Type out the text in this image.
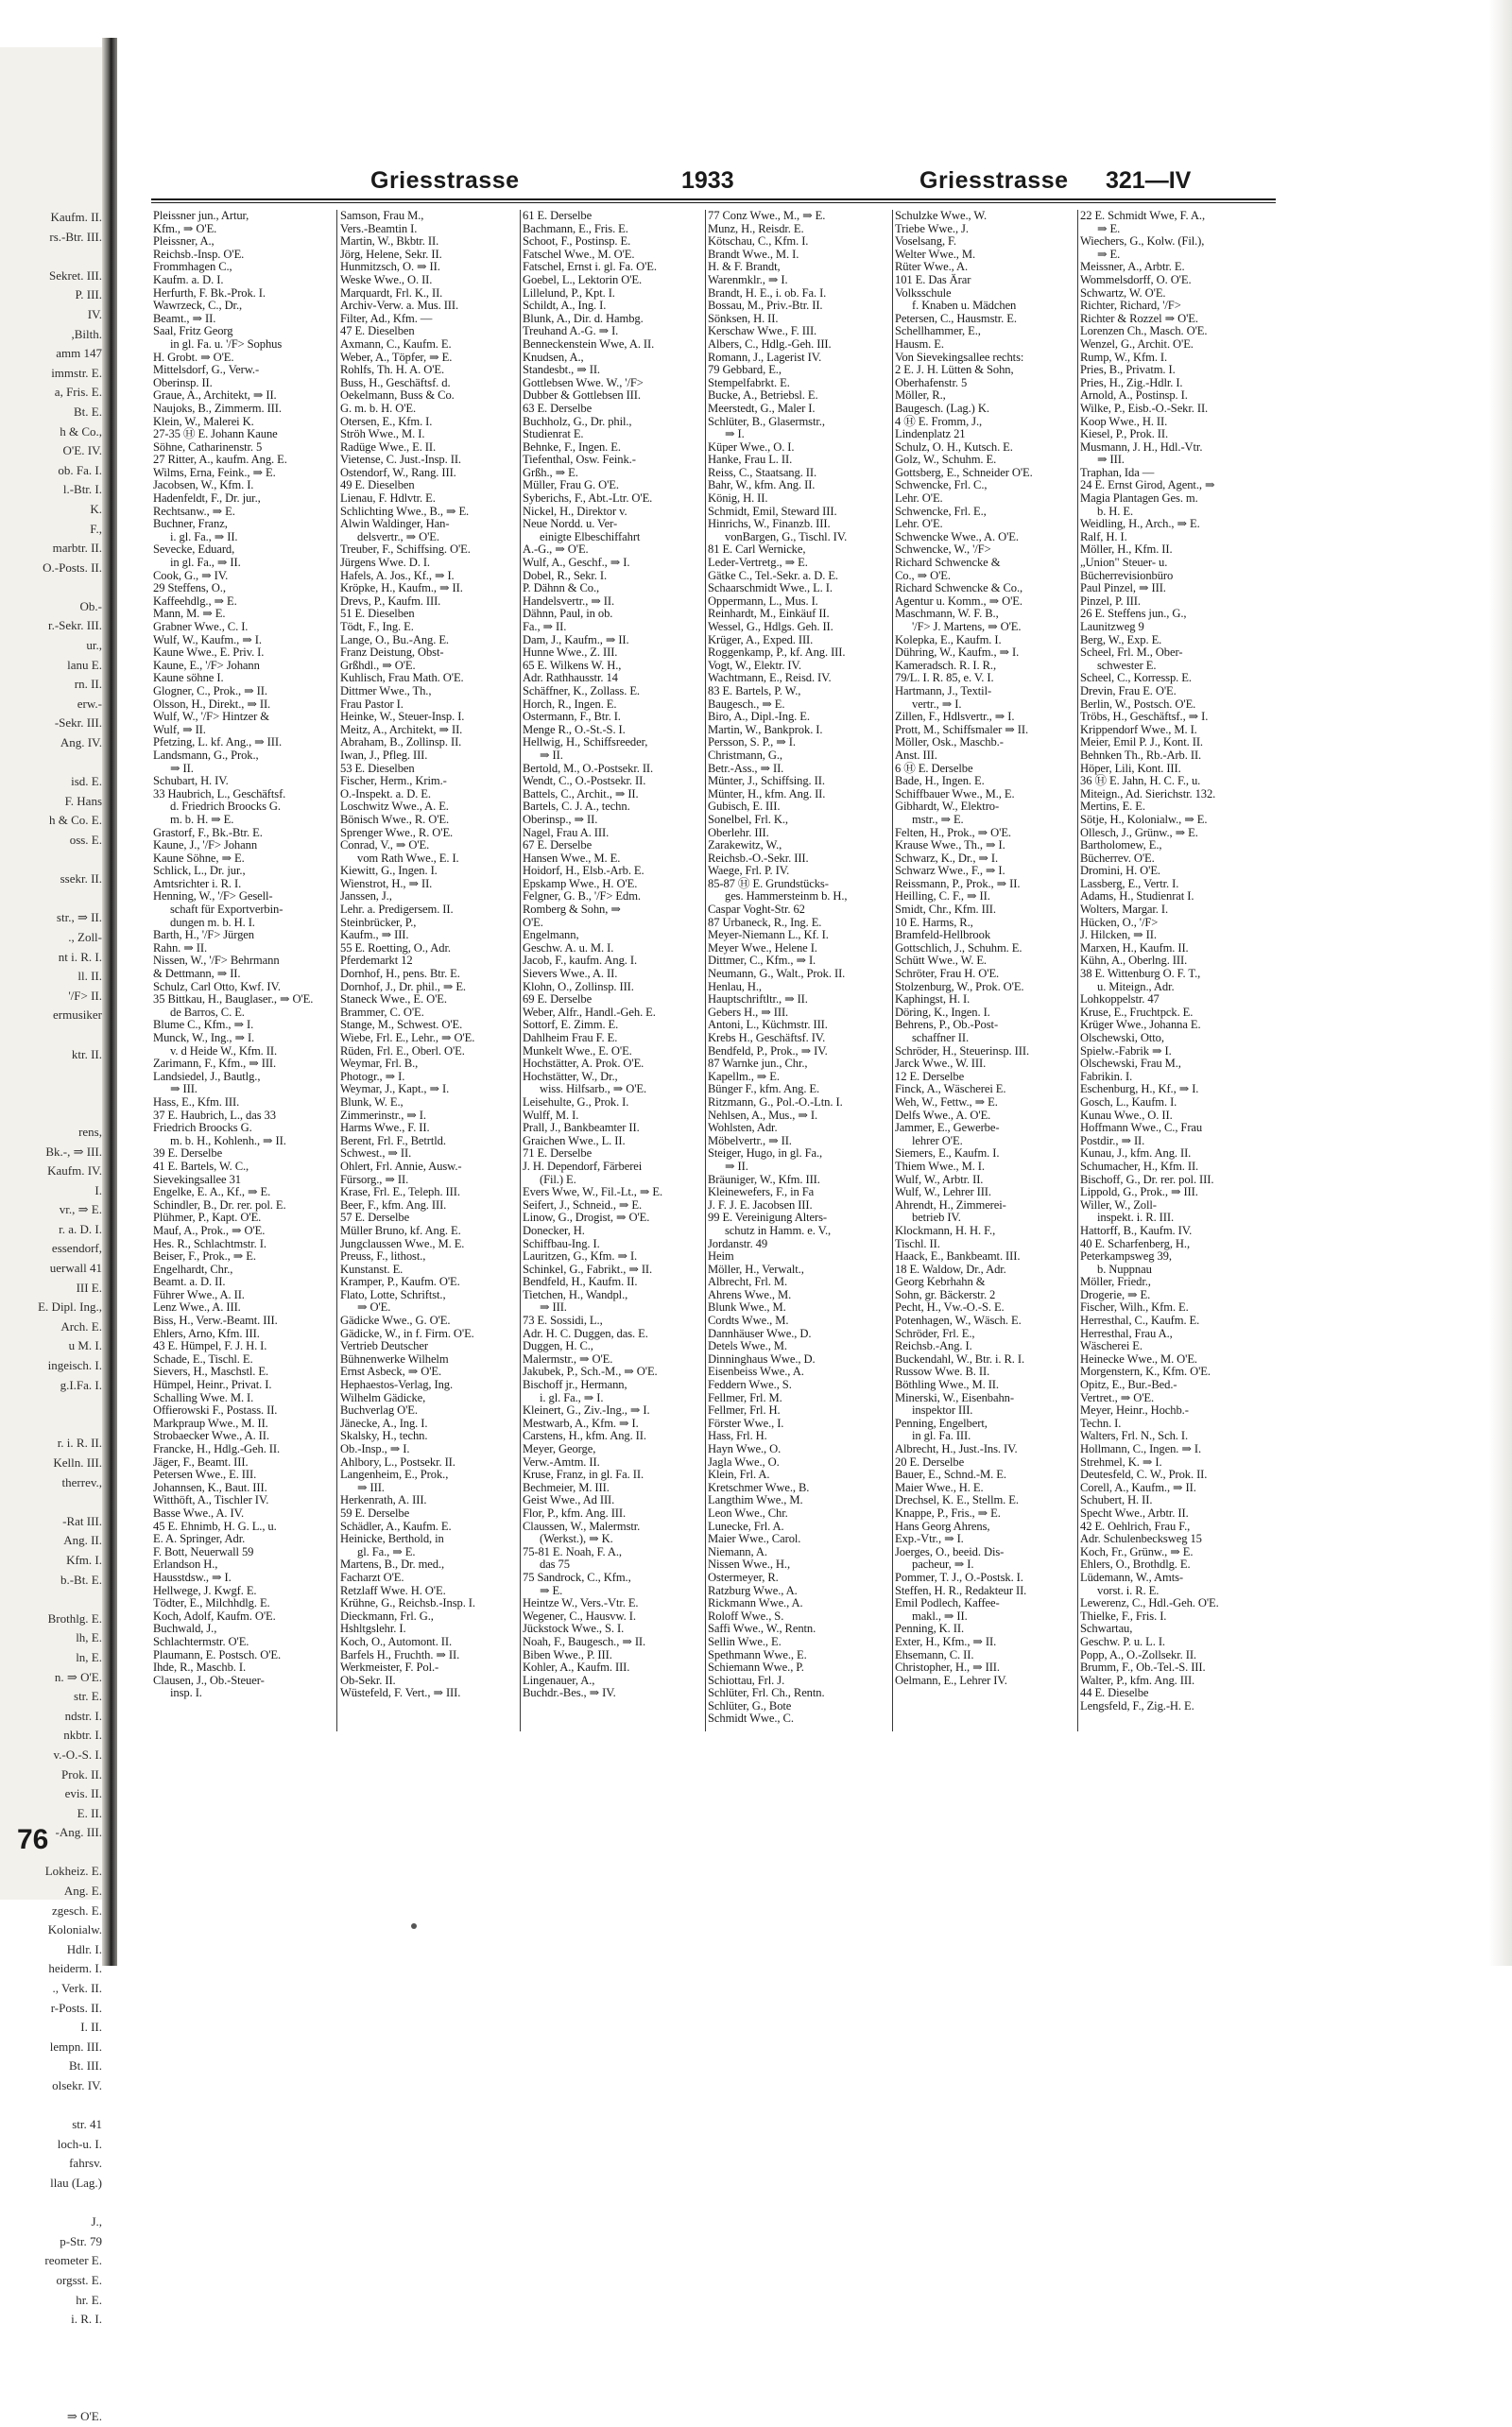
Kaufm. II.
rs.-Btr. III.

Sekret. III.
P. III.
IV.
,Bilth.
amm 147
immstr. E.
a, Fris. E.
Bt. E.
h & Co.,
O'E. IV.
ob. Fa. I.
l.-Btr. I.
K.
F.,
marbtr. II.
O.-Posts. II.

Ob.-
r.-Sekr. III.
ur.,
lanu E.
rn. II.
erw.-
-Sekr. III.
Ang. IV.

isd. E.
F. Hans
h & Co. E.
oss. E.

ssekr. II.

str., ⇒ II.
., Zoll-
nt i. R. I.
ll. II.
'/F> II.
ermusiker

ktr. II.

rens,
Bk.-, ⇒ III.
Kaufm. IV.
I.
vr., ⇒ E.
r. a. D. I.
essendorf,
uerwall 41
III E.
E. Dipl. Ing.,
Arch. E.
u M. I.
ingeisch. I.
g.I.Fa. I.

r. i. R. II.
Kelln. III.
therrev.,

-Rat III.
Ang. II.
Kfm. I.
b.-Bt. E.

Brothlg. E.
lh, E.
ln, E.
n. ⇒ O'E.
str. E.
ndstr. I.
nkbtr. I.
v.-O.-S. I.
Prok. II.
evis. II.
E. II.
-Ang. III.

Lokheiz. E.
Ang. E.
zgesch. E.
Kolonialw.
Hdlr. I.
heiderm. I.
., Verk. II.
r-Posts. II.
I. II.
lempn. III.
Bt. III.
olsekr. IV.

str. 41
loch-u. I.
fahrsv.
llau (Lag.)

J.,
p-Str. 79
reometer E.
orgsst. E.
hr. E.
i. R. I.

⇒ O'E.
76
Griesstrasse	1933	Griesstrasse 321—IV
Pleissner jun., Artur,
Kfm., ⇒ O'E.
Pleissner, A.,
Reichsb.-Insp. O'E.
Frommhagen C.,
Kaufm. a. D. I.
Herfurth, F. Bk.-Prok. I.
Wawrzeck, C., Dr.,
Beamt., ⇒ II.
Saal, Fritz Georg
in gl. Fa. u. '/F> Sophus
H. Grobt. ⇒ O'E.
Mittelsdorf, G., Verw.-
Oberinsp. II.
Graue, A., Architekt, ⇒ II.
Naujoks, B., Zimmerm. III.
Klein, W., Malerei K.
27-35 Ⓗ E. Johann Kaune
Söhne, Catharinenstr. 5
27 Ritter, A., kaufm. Ang. E.
Wilms, Erna, Feink., ⇒ E.
Jacobsen, W., Kfm. I.
Hadenfeldt, F., Dr. jur.,
Rechtsanw., ⇒ E.
Buchner, Franz,
i. gl. Fa., ⇒ II.
Sevecke, Eduard,
in gl. Fa., ⇒ II.
Cook, G., ⇒ IV.
29 Steffens, O.,
Kaffeehdlg., ⇒ E.
Mann, M. ⇒ E.
Grabner Wwe., C. I.
Wulf, W., Kaufm., ⇒ I.
Kaune Wwe., E. Priv. I.
Kaune, E., '/F> Johann
Kaune söhne I.
Glogner, C., Prok., ⇒ II.
Olsson, H., Direkt., ⇒ II.
Wulf, W., '/F> Hintzer &
Wulf, ⇒ II.
Pfetzing, L. kf. Ang., ⇒ III.
Landsmann, G., Prok.,
⇒ II.
Schubart, H. IV.
33 Haubrich, L., Geschäftsf.
d. Friedrich Broocks G.
m. b. H. ⇒ E.
Grastorf, F., Bk.-Btr. E.
Kaune, J., '/F> Johann
Kaune Söhne, ⇒ E.
Schlick, L., Dr. jur.,
Amtsrichter i. R. I.
Henning, W., '/F> Gesell-
schaft für Exportverbin-
dungen m. b. H. I.
Barth, H., '/F> Jürgen
Rahn. ⇒ II.
Nissen, W., '/F> Behrmann
& Dettmann, ⇒ II.
Schulz, Carl Otto, Kwf. IV.
35 Bittkau, H., Bauglaser., ⇒ O'E.
de Barros, C. E.
Blume C., Kfm., ⇒ I.
Munck, W., Ing., ⇒ I.
v. d Heide W., Kfm. II.
Zarimann, F., Kfm., ⇒ III.
Landsiedel, J., Bautlg.,
⇒ III.
Hass, E., Kfm. III.
37 E. Haubrich, L., das 33
Friedrich Broocks G.
m. b. H., Kohlenh., ⇒ II.
39 E. Derselbe
41 E. Bartels, W. C.,
Sievekingsallee 31
Engelke, E. A., Kf., ⇒ E.
Schindler, B., Dr. rer. pol. E.
Plühmer, P., Kapt. O'E.
Mauf, A., Prok., ⇒ O'E.
Hes. R., Schlachtmstr. I.
Beiser, F., Prok., ⇒ E.
Engelhardt, Chr.,
Beamt. a. D. II.
Führer Wwe., A. II.
Lenz Wwe., A. III.
Biss, H., Verw.-Beamt. III.
Ehlers, Arno, Kfm. III.
43 E. Hümpel, F. J. H. I.
Schade, E., Tischl. E.
Sievers, H., Maschstl. E.
Hümpel, Heinr., Privat. I.
Schalling Wwe. M. I.
Offierowski F., Postass. II.
Markpraup Wwe., M. II.
Strobaecker Wwe., A. II.
Francke, H., Hdlg.-Geh. II.
Jäger, F., Beamt. III.
Petersen Wwe., E. III.
Johannsen, K., Baut. III.
Witthöft, A., Tischler IV.
Basse Wwe., A. IV.
45 E. Ehnimb, H. G. L., u.
E. A. Springer, Adr.
F. Bott, Neuerwall 59
Erlandson H.,
Hausstdsw., ⇒ I.
Hellwege, J. Kwgf. E.
Tödter, E., Milchhdlg. E.
Koch, Adolf, Kaufm. O'E.
Buchwald, J.,
Schlachtermstr. O'E.
Plaumann, E. Postsch. O'E.
Ihde, R., Maschb. I.
Clausen, J., Ob.-Steuer-
insp. I.
Samson, Frau M.,
Vers.-Beamtin I.
Martin, W., Bkbtr. II.
Jörg, Helene, Sekr. II.
Hunmitzsch, O. ⇒ II.
Weske Wwe., O. II.
Marquardt, Frl. K., II.
Archiv-Verw. a. Mus. III.
Filter, Ad., Kfm. —
47 E. Dieselben
Axmann, C., Kaufm. E.
Weber, A., Töpfer, ⇒ E.
Rohlfs, Th. H. A. O'E.
Buss, H., Geschäftsf. d.
Oekelmann, Buss & Co.
G. m. b. H. O'E.
Otersen, E., Kfm. I.
Ströh Wwe., M. I.
Radüge Wwe., E. II.
Vietense, C. Just.-Insp. II.
Ostendorf, W., Rang. III.
49 E. Dieselben
Lienau, F. Hdlvtr. E.
Schlichting Wwe., B., ⇒ E.
Alwin Waldinger, Han-
delsvertr., ⇒ O'E.
Treuber, F., Schiffsing. O'E.
Jürgens Wwe. D. I.
Hafels, A. Jos., Kf., ⇒ I.
Kröpke, H., Kaufm., ⇒ II.
Drevs, P., Kaufm. III.
51 E. Dieselben
Tödt, F., Ing. E.
Lange, O., Bu.-Ang. E.
Franz Deistung, Obst-
Grßhdl., ⇒ O'E.
Kuhlisch, Frau Math. O'E.
Dittmer Wwe., Th.,
Frau Pastor I.
Heinke, W., Steuer-Insp. I.
Meitz, A., Architekt, ⇒ II.
Abraham, B., Zollinsp. II.
Iwan, J., Pfleg. III.
53 E. Dieselben
Fischer, Herm., Krim.-
O.-Inspekt. a. D. E.
Loschwitz Wwe., A. E.
Bönisch Wwe., R. O'E.
Sprenger Wwe., R. O'E.
Conrad, V., ⇒ O'E.
vom Rath Wwe., E. I.
Kiewitt, G., Ingen. I.
Wienstrot, H., ⇒ II.
Janssen, J.,
Lehr. a. Predigersem. II.
Steinbrücker, P.,
Kaufm., ⇒ III.
55 E. Roetting, O., Adr.
Pferdemarkt 12
Dornhof, H., pens. Btr. E.
Dornhof, J., Dr. phil., ⇒ E.
Staneck Wwe., E. O'E.
Brammer, C. O'E.
Stange, M., Schwest. O'E.
Wiebe, Frl. E., Lehr., ⇒ O'E.
Rüden, Frl. E., Oberl. O'E.
Weymar, Frl. B.,
Photogr., ⇒ I.
Weymar, J., Kapt., ⇒ I.
Blunk, W. E.,
Zimmerinstr., ⇒ I.
Harms Wwe., F. II.
Berent, Frl. F., Betrtld.
Schwest., ⇒ II.
Ohlert, Frl. Annie, Ausw.-
Fürsorg., ⇒ II.
Krase, Frl. E., Teleph. III.
Beer, F., kfm. Ang. III.
57 E. Derselbe
Müller Bruno, kf. Ang. E.
Jungclaussen Wwe., M. E.
Preuss, F., lithost.,
Kunstanst. E.
Kramper, P., Kaufm. O'E.
Flato, Lotte, Schriftst.,
⇒ O'E.
Gädicke Wwe., G. O'E.
Gädicke, W., in f. Firm. O'E.
Vertrieb Deutscher
Bühnenwerke Wilhelm
Ernst Asbeck, ⇒ O'E.
Hephaestos-Verlag, Ing.
Wilhelm Gädicke,
Buchverlag O'E.
Jänecke, A., Ing. I.
Skalsky, H., techn.
Ob.-Insp., ⇒ I.
Ahlbory, L., Postsekr. II.
Langenheim, E., Prok.,
⇒ III.
Herkenrath, A. III.
59 E. Derselbe
Schädler, A., Kaufm. E.
Heinicke, Berthold, in
gl. Fa., ⇒ E.
Martens, B., Dr. med.,
Facharzt O'E.
Retzlaff Wwe. H. O'E.
Krühne, G., Reichsb.-Insp. I.
Dieckmann, Frl. G.,
Hshltgslehr. I.
Koch, O., Automont. II.
Barfels H., Fruchth. ⇒ II.
Werkmeister, F. Pol.-
Ob-Sekr. II.
Wüstefeld, F. Vert., ⇒ III.
61 E. Derselbe
Bachmann, E., Fris. E.
Schoot, F., Postinsp. E.
Fatschel Wwe., M. O'E.
Fatschel, Ernst i. gl. Fa. O'E.
Goebel, L., Lektorin O'E.
Lillelund, P., Kpt. I.
Schildt, A., Ing. I.
Blunk, A., Dir. d. Hambg.
Treuhand A.-G. ⇒ I.
Benneckenstein Wwe, A. II.
Knudsen, A.,
Standesbt., ⇒ II.
Gottlebsen Wwe. W., '/F>
Dubber & Gottlebsen III.
63 E. Derselbe
Buchholz, G., Dr. phil.,
Studienrat E.
Behnke, F., Ingen. E.
Tiefenthal, Osw. Feink.-
Grßh., ⇒ E.
Müller, Frau G. O'E.
Syberichs, F., Abt.-Ltr. O'E.
Nickel, H., Direktor v.
Neue Nordd. u. Ver-
einigte Elbeschiffahrt
A.-G., ⇒ O'E.
Wulf, A., Geschf., ⇒ I.
Dobel, R., Sekr. I.
P. Dähnn & Co.,
Handelsvertr., ⇒ II.
Dähnn, Paul, in ob.
Fa., ⇒ II.
Dam, J., Kaufm., ⇒ II.
Hunne Wwe., Z. III.
65 E. Wilkens W. H.,
Adr. Rathhausstr. 14
Schäffner, K., Zollass. E.
Horch, R., Ingen. E.
Ostermann, F., Btr. I.
Menge R., O.-St.-S. I.
Hellwig, H., Schiffsreeder,
⇒ II.
Bertold, M., O.-Postsekr. II.
Wendt, C., O.-Postsekr. II.
Battels, C., Archit., ⇒ II.
Bartels, C. J. A., techn.
Oberinsp., ⇒ II.
Nagel, Frau A. III.
67 E. Derselbe
Hansen Wwe., M. E.
Hoidorf, H., Elsb.-Arb. E.
Epskamp Wwe., H. O'E.
Felgner, G. B., '/F> Edm.
Romberg & Sohn, ⇒
O'E.
Engelmann,
Geschw. A. u. M. I.
Jacob, F., kaufm. Ang. I.
Sievers Wwe., A. II.
Klohn, O., Zollinsp. III.
69 E. Derselbe
Weber, Alfr., Handl.-Geh. E.
Sottorf, E. Zimm. E.
Dahlheim Frau F. E.
Munkelt Wwe., E. O'E.
Hochstätter, A. Prok. O'E.
Hochstätter, W., Dr.,
wiss. Hilfsarb., ⇒ O'E.
Leisehulte, G., Prok. I.
Wulff, M. I.
Prall, J., Bankbeamter II.
Graichen Wwe., L. II.
71 E. Derselbe
J. H. Dependorf, Färberei
(Fil.) E.
Evers Wwe, W., Fil.-Lt., ⇒ E.
Seifert, J., Schneid., ⇒ E.
Linow, G., Drogist, ⇒ O'E.
Donecker, H.
Schiffbau-Ing. I.
Lauritzen, G., Kfm. ⇒ I.
Schinkel, G., Fabrikt., ⇒ II.
Bendfeld, H., Kaufm. II.
Tietchen, H., Wandpl.,
⇒ III.
73 E. Sossidi, L.,
Adr. H. C. Duggen, das. E.
Duggen, H. C.,
Malermstr., ⇒ O'E.
Jakubek, P., Sch.-M., ⇒ O'E.
Bischoff jr., Hermann,
i. gl. Fa., ⇒ I.
Kleinert, G., Ziv.-Ing., ⇒ I.
Mestwarb, A., Kfm. ⇒ I.
Carstens, H., kfm. Ang. II.
Meyer, George,
Verw.-Amtm. II.
Kruse, Franz, in gl. Fa. II.
Bechmeier, M. III.
Geist Wwe., Ad III.
Flor, P., kfm. Ang. III.
Claussen, W., Malermstr.
(Werkst.), ⇒ K.
75-81 E. Noah, F. A.,
das 75
75 Sandrock, C., Kfm.,
⇒ E.
Heintze W., Vers.-Vtr. E.
Wegener, C., Hausvw. I.
Jückstock Wwe., S. I.
Noah, F., Baugesch., ⇒ II.
Biben Wwe., P. III.
Kohler, A., Kaufm. III.
Lingenauer, A.,
Buchdr.-Bes., ⇒ IV.
77 Conz Wwe., M., ⇒ E.
Munz, H., Reisdr. E.
Kötschau, C., Kfm. I.
Brandt Wwe., M. I.
H. & F. Brandt,
Warenmklr., ⇒ I.
Brandt, H. E., i. ob. Fa. I.
Bossau, M., Priv.-Btr. II.
Sönksen, H. II.
Kerschaw Wwe., F. III.
Albers, C., Hdlg.-Geh. III.
Romann, J., Lagerist IV.
79 Gebbard, E.,
Stempelfabrkt. E.
Bucke, A., Betriebsl. E.
Meerstedt, G., Maler I.
Schlüter, B., Glasermstr.,
⇒ I.
Küper Wwe., O. I.
Hanke, Frau L. II.
Reiss, C., Staatsang. II.
Bahr, W., kfm. Ang. II.
König, H. II.
Schmidt, Emil, Steward III.
Hinrichs, W., Finanzb. III.
vonBargen, G., Tischl. IV.
81 E. Carl Wernicke,
Leder-Vertretg., ⇒ E.
Gätke C., Tel.-Sekr. a. D. E.
Schaarschmidt Wwe., L. I.
Oppermann, L., Mus. I.
Reinhardt, M., Einkäuf II.
Wessel, G., Hdlgs. Geh. II.
Krüger, A., Exped. III.
Roggenkamp, P., kf. Ang. III.
Vogt, W., Elektr. IV.
Wachtmann, E., Reisd. IV.
83 E. Bartels, P. W.,
Baugesch., ⇒ E.
Biro, A., Dipl.-Ing. E.
Martin, W., Bankprok. I.
Persson, S. P., ⇒ I.
Christmann, G.,
Betr.-Ass., ⇒ II.
Münter, J., Schiffsing. II.
Münter, H., kfm. Ang. II.
Gubisch, E. III.
Sonelbel, Frl. K.,
Oberlehr. III.
Zarakewitz, W.,
Reichsb.-O.-Sekr. III.
Waege, Frl. P. IV.
85-87 Ⓗ E. Grundstücks-
ges. Hammersteinm b. H.,
Caspar Voght-Str. 62
87 Urbaneck, R., Ing. E.
Meyer-Niemann L., Kf. I.
Meyer Wwe., Helene I.
Dittmer, C., Kfm., ⇒ I.
Neumann, G., Walt., Prok. II.
Henlau, H.,
Hauptschriftltr., ⇒ II.
Gebers H., ⇒ III.
Antoni, L., Küchmstr. III.
Krebs H., Geschäftsf. IV.
Bendfeld, P., Prok., ⇒ IV.
87 Warnke jun., Chr.,
Kapellm., ⇒ E.
Bünger F., kfm. Ang. E.
Ritzmann, G., Pol.-O.-Ltn. I.
Nehlsen, A., Mus., ⇒ I.
Wohlsten, Adr.
Möbelvertr., ⇒ II.
Steiger, Hugo, in gl. Fa.,
⇒ II.
Bräuniger, W., Kfm. III.
Kleinewefers, F., in Fa
J. F. J. E. Jacobsen III.
99 E. Vereinigung Alters-
schutz in Hamm. e. V.,
Jordanstr. 49
Heim
Möller, H., Verwalt.,
Albrecht, Frl. M.
Ahrens Wwe., M.
Blunk Wwe., M.
Cordts Wwe., M.
Dannhäuser Wwe., D.
Detels Wwe., M.
Dinninghaus Wwe., D.
Eisenbeiss Wwe., A.
Feddern Wwe., S.
Fellmer, Frl. M.
Fellmer, Frl. H.
Förster Wwe., I.
Hass, Frl. H.
Hayn Wwe., O.
Jagla Wwe., O.
Klein, Frl. A.
Kretschmer Wwe., B.
Langthim Wwe., M.
Leon Wwe., Chr.
Lunecke, Frl. A.
Maier Wwe., Carol.
Niemann, A.
Nissen Wwe., H.,
Ostermeyer, R.
Ratzburg Wwe., A.
Rickmann Wwe., A.
Roloff Wwe., S.
Saffi Wwe., W., Rentn.
Sellin Wwe., E.
Spethmann Wwe., E.
Schiemann Wwe., P.
Schiottau, Frl. J.
Schlüter, Frl. Ch., Rentn.
Schlüter, G., Bote
Schmidt Wwe., C.
Schulzke Wwe., W.
Triebe Wwe., J.
Voselsang, F.
Welter Wwe., M.
Rüter Wwe., A.
101 E. Das Ärar
Volksschule
f. Knaben u. Mädchen
Petersen, C., Hausmstr. E.
Schellhammer, E.,
Hausm. E.
Von Sievekingsallee rechts:
2 E. J. H. Lütten & Sohn,
Oberhafenstr. 5
Möller, R.,
Baugesch. (Lag.) K.
4 Ⓗ E. Fromm, J.,
Lindenplatz 21
Schulz, O. H., Kutsch. E.
Golz, W., Schuhm. E.
Gottsberg, E., Schneider O'E.
Schwencke, Frl. C.,
Lehr. O'E.
Schwencke, Frl. E.,
Lehr. O'E.
Schwencke Wwe., A. O'E.
Schwencke, W., '/F>
Richard Schwencke &
Co., ⇒ O'E.
Richard Schwencke & Co.,
Agentur u. Komm., ⇒ O'E.
Maschmann, W. F. B.,
'/F> J. Martens, ⇒ O'E.
Kolepka, E., Kaufm. I.
Dühring, W., Kaufm., ⇒ I.
Kameradsch. R. I. R.,
79/L. I. R. 85, e. V. I.
Hartmann, J., Textil-
vertr., ⇒ I.
Zillen, F., Hdlsvertr., ⇒ I.
Prott, M., Schiffsmaler ⇒ II.
Möller, Osk., Maschb.-
Anst. III.
6 Ⓗ E. Derselbe
Bade, H., Ingen. E.
Schiffbauer Wwe., M., E.
Gibhardt, W., Elektro-
mstr., ⇒ E.
Felten, H., Prok., ⇒ O'E.
Krause Wwe., Th., ⇒ I.
Schwarz, K., Dr., ⇒ I.
Schwarz Wwe., F., ⇒ I.
Reissmann, P., Prok., ⇒ II.
Heilling, C. F., ⇒ II.
Smidt, Chr., Kfm. III.
10 E. Harms, R.,
Bramfeld-Hellbrook
Gottschlich, J., Schuhm. E.
Schütt Wwe., W. E.
Schröter, Frau H. O'E.
Stolzenburg, W., Prok. O'E.
Kaphingst, H. I.
Döring, K., Ingen. I.
Behrens, P., Ob.-Post-
schaffner II.
Schröder, H., Steuerinsp. III.
Jarck Wwe., W. III.
12 E. Derselbe
Finck, A., Wäscherei E.
Weh, W., Fettw., ⇒ E.
Delfs Wwe., A. O'E.
Jammer, E., Gewerbe-
lehrer O'E.
Siemers, E., Kaufm. I.
Thiem Wwe., M. I.
Wulf, W., Arbtr. II.
Wulf, W., Lehrer III.
Ahrendt, H., Zimmerei-
betrieb IV.
Klockmann, H. H. F.,
Tischl. II.
Haack, E., Bankbeamt. III.
18 E. Waldow, Dr., Adr.
Georg Kebrhahn &
Sohn, gr. Bäckerstr. 2
Pecht, H., Vw.-O.-S. E.
Potenhagen, W., Wäsch. E.
Schröder, Frl. E.,
Reichsb.-Ang. I.
Buckendahl, W., Btr. i. R. I.
Russow Wwe. B. II.
Böthling Wwe., M. II.
Minerski, W., Eisenbahn-
inspektor III.
Penning, Engelbert,
in gl. Fa. III.
Albrecht, H., Just.-Ins. IV.
20 E. Derselbe
Bauer, E., Schnd.-M. E.
Maier Wwe., H. E.
Drechsel, K. E., Stellm. E.
Knappe, P., Fris., ⇒ E.
Hans Georg Ahrens,
Exp.-Vtr., ⇒ I.
Joerges, O., beeid. Dis-
pacheur, ⇒ I.
Pommer, T. J., O.-Postsk. I.
Steffen, H. R., Redakteur II.
Emil Podlech, Kaffee-
makl., ⇒ II.
Penning, K. II.
Exter, H., Kfm., ⇒ II.
Ehsemann, C. II.
Christopher, H., ⇒ III.
Oelmann, E., Lehrer IV.
22 E. Schmidt Wwe, F. A.,
⇒ E.
Wiechers, G., Kolw. (Fil.),
⇒ E.
Meissner, A., Arbtr. E.
Wommelsdorff, O. O'E.
Schwartz, W. O'E.
Richter, Richard, '/F>
Richter & Rozzel ⇒ O'E.
Lorenzen Ch., Masch. O'E.
Wenzel, G., Archit. O'E.
Rump, W., Kfm. I.
Pries, B., Privatm. I.
Pries, H., Zig.-Hdlr. I.
Arnold, A., Postinsp. I.
Wilke, P., Eisb.-O.-Sekr. II.
Koop Wwe., H. II.
Kiesel, P., Prok. II.
Musmann, J. H., Hdl.-Vtr.
⇒ III.
Traphan, Ida —
24 E. Ernst Girod, Agent., ⇒
Magia Plantagen Ges. m.
b. H. E.
Weidling, H., Arch., ⇒ E.
Ralf, H. I.
Möller, H., Kfm. II.
„Union" Steuer- u.
Bücherrevisionbüro
Paul Pinzel, ⇒ III.
Pinzel, P. III.
26 E. Steffens jun., G.,
Launitzweg 9
Berg, W., Exp. E.
Scheel, Frl. M., Ober-
schwester E.
Scheel, C., Korressp. E.
Drevin, Frau E. O'E.
Berlin, W., Postsch. O'E.
Tröbs, H., Geschäftsf., ⇒ I.
Krippendorf Wwe., M. I.
Meier, Emil P. J., Kont. II.
Behnken Th., Rb.-Arb. II.
Höper, Lili, Kont. III.
36 Ⓗ E. Jahn, H. C. F., u.
Miteign., Ad. Sierichstr. 132.
Mertins, E. E.
Sötje, H., Kolonialw., ⇒ E.
Ollesch, J., Grünw., ⇒ E.
Bartholomew, E.,
Bücherrev. O'E.
Dromini, H. O'E.
Lassberg, E., Vertr. I.
Adams, H., Studienrat I.
Wolters, Margar. I.
Hücken, O., '/F>
J. Hilcken, ⇒ II.
Marxen, H., Kaufm. II.
Kühn, A., Oberlng. III.
38 E. Wittenburg O. F. T.,
u. Miteign., Adr.
Lohkoppelstr. 47
Kruse, E., Fruchtpck. E.
Krüger Wwe., Johanna E.
Olschewski, Otto,
Spielw.-Fabrik ⇒ I.
Olschewski, Frau M.,
Fabrikin. I.
Eschenburg, H., Kf., ⇒ I.
Gosch, L., Kaufm. I.
Kunau Wwe., O. II.
Hoffmann Wwe., C., Frau
Postdir., ⇒ II.
Kunau, J., kfm. Ang. II.
Schumacher, H., Kfm. II.
Bischoff, G., Dr. rer. pol. III.
Lippold, G., Prok., ⇒ III.
Willer, W., Zoll-
inspekt. i. R. III.
Hattorff, B., Kaufm. IV.
40 E. Scharfenberg, H.,
Peterkampsweg 39,
b. Nuppnau
Möller, Friedr.,
Drogerie, ⇒ E.
Fischer, Wilh., Kfm. E.
Herresthal, C., Kaufm. E.
Herresthal, Frau A.,
Wäscherei E.
Heinecke Wwe., M. O'E.
Morgenstern, K., Kfm. O'E.
Opitz, E., Bur.-Bed.-
Vertret., ⇒ O'E.
Meyer, Heinr., Hochb.-
Techn. I.
Walters, Frl. N., Sch. I.
Hollmann, C., Ingen. ⇒ I.
Strehmel, K. ⇒ I.
Deutesfeld, C. W., Prok. II.
Corell, A., Kaufm., ⇒ II.
Schubert, H. II.
Specht Wwe., Arbtr. II.
42 E. Oehlrich, Frau F.,
Adr. Schulenbecksweg 15
Koch, Fr., Grünw., ⇒ E.
Ehlers, O., Brothdlg. E.
Lüdemann, W., Amts-
vorst. i. R. E.
Lewerenz, C., Hdl.-Geh. O'E.
Thielke, F., Fris. I.
Schwartau,
Geschw. P. u. L. I.
Popp, A., O.-Zollsekr. II.
Brumm, F., Ob.-Tel.-S. III.
Walter, P., kfm. Ang. III.
44 E. Dieselbe
Lengsfeld, F., Zig.-H. E.
